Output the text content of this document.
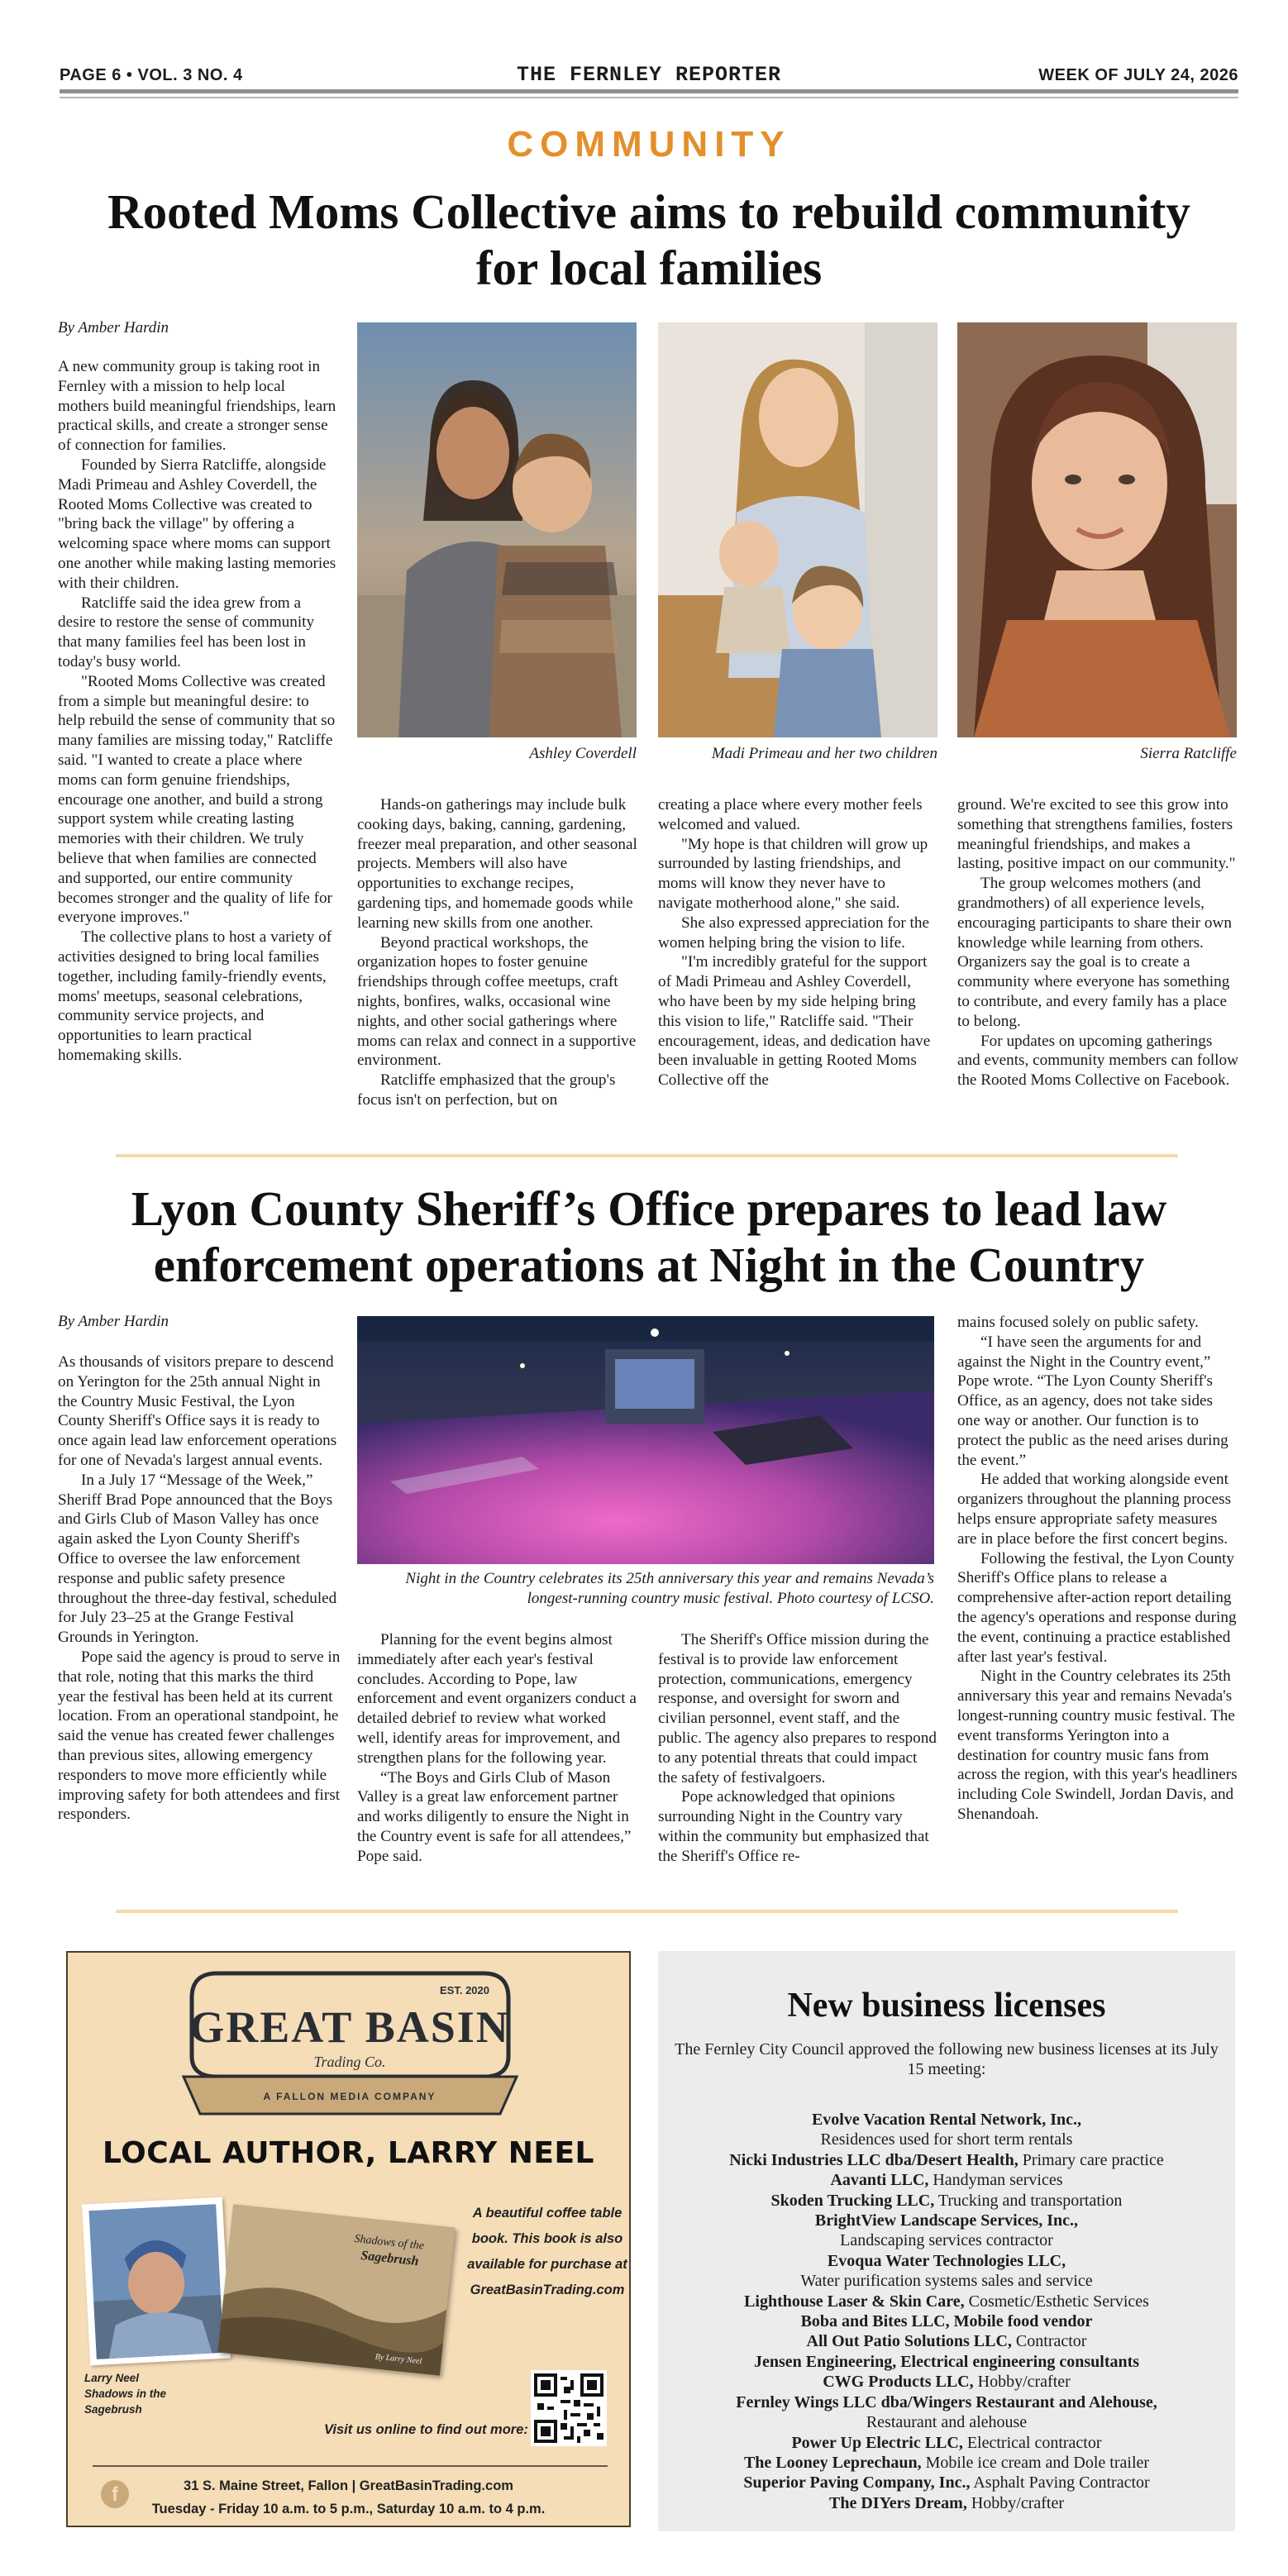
PAGE 6 • VOL. 3 NO. 4	THE FERNLEY REPORTER	WEEK OF JULY 24, 2026
COMMUNITY
Rooted Moms Collective aims to rebuild community for local families
By Amber Hardin

A new community group is taking root in Fernley with a mission to help local mothers build meaningful friendships, learn practical skills, and create a stronger sense of connection for families.

Founded by Sierra Ratcliffe, alongside Madi Primeau and Ashley Coverdell, the Rooted Moms Collective was created to "bring back the village" by offering a welcoming space where moms can support one another while making lasting memories with their children.

Ratcliffe said the idea grew from a desire to restore the sense of community that many families feel has been lost in today's busy world.

"Rooted Moms Collective was created from a simple but meaningful desire: to help rebuild the sense of community that so many families are missing today," Ratcliffe said. "I wanted to create a place where moms can form genuine friendships, encourage one another, and build a strong support system while creating lasting memories with their children. We truly believe that when families are connected and supported, our entire community becomes stronger and the quality of life for everyone improves."

The collective plans to host a variety of activities designed to bring local families together, including family-friendly events, moms' meetups, seasonal celebrations, community service projects, and opportunities to learn practical homemaking skills.

Ashley Coverdell	Madi Primeau and her two children	Sierra Ratcliffe

Hands-on gatherings may include bulk cooking days, baking, canning, gardening, freezer meal preparation, and other seasonal projects. Members will also have opportunities to exchange recipes, gardening tips, and homemade goods while learning new skills from one another.

Beyond practical workshops, the organization hopes to foster genuine friendships through coffee meetups, craft nights, bonfires, walks, occasional wine nights, and other social gatherings where moms can relax and connect in a supportive environment.

Ratcliffe emphasized that the group's focus isn't on perfection, but on

creating a place where every mother feels welcomed and valued.

"My hope is that children will grow up surrounded by lasting friendships, and moms will know they never have to navigate motherhood alone," she said.

She also expressed appreciation for the women helping bring the vision to life.

"I'm incredibly grateful for the support of Madi Primeau and Ashley Coverdell, who have been by my side helping bring this vision to life," Ratcliffe said. "Their encouragement, ideas, and dedication have been invaluable in getting Rooted Moms Collective off the

ground. We're excited to see this grow into something that strengthens families, fosters meaningful friendships, and makes a lasting, positive impact on our community."

The group welcomes mothers (and grandmothers) of all experience levels, encouraging participants to share their own knowledge while learning from others. Organizers say the goal is to create a community where everyone has something to contribute, and every family has a place to belong.

For updates on upcoming gatherings and events, community members can follow the Rooted Moms Collective on Facebook.

Lyon County Sheriff’s Office prepares to lead law enforcement operations at Night in the Country
By Amber Hardin

As thousands of visitors prepare to descend on Yerington for the 25th annual Night in the Country Music Festival, the Lyon County Sheriff's Office says it is ready to once again lead law enforcement operations for one of Nevada's largest annual events.

In a July 17 “Message of the Week,” Sheriff Brad Pope announced that the Boys and Girls Club of Mason Valley has once again asked the Lyon County Sheriff's Office to oversee the law enforcement response and public safety presence throughout the three-day festival, scheduled for July 23–25 at the Grange Festival Grounds in Yerington.

Pope said the agency is proud to serve in that role, noting that this marks the third year the festival has been held at its current location. From an operational standpoint, he said the venue has created fewer challenges than previous sites, allowing emergency responders to move more efficiently while improving safety for both attendees and first responders.

Night in the Country celebrates its 25th anniversary this year and remains Nevada’s longest-running country music festival. Photo courtesy of LCSO.

Planning for the event begins almost immediately after each year's festival concludes. According to Pope, law enforcement and event organizers conduct a detailed debrief to review what worked well, identify areas for improvement, and strengthen plans for the following year.

“The Boys and Girls Club of Mason Valley is a great law enforcement partner and works diligently to ensure the Night in the Country event is safe for all attendees,” Pope said.

The Sheriff's Office mission during the festival is to provide law enforcement protection, communications, emergency response, and oversight for sworn and civilian personnel, event staff, and the public. The agency also prepares to respond to any potential threats that could impact the safety of festivalgoers.

Pope acknowledged that opinions surrounding Night in the Country vary within the community but emphasized that the Sheriff's Office re-

mains focused solely on public safety.

“I have seen the arguments for and against the Night in the Country event,” Pope wrote. “The Lyon County Sheriff's Office, as an agency, does not take sides one way or another. Our function is to protect the public as the need arises during the event.”

He added that working alongside event organizers throughout the planning process helps ensure appropriate safety measures are in place before the first concert begins.

Following the festival, the Lyon County Sheriff's Office plans to release a comprehensive after-action report detailing the agency's operations and response during the event, continuing a practice established after last year's festival.

Night in the Country celebrates its 25th anniversary this year and remains Nevada's longest-running country music festival. The event transforms Yerington into a destination for country music fans from across the region, with this year's headliners including Cole Swindell, Jordan Davis, and Shenandoah.

EST. 2020
GREAT BASIN
Trading Co.
A FALLON MEDIA COMPANY
LOCAL AUTHOR, LARRY NEEL
Shadows of the
Sagebrush
By Larry Neel
A beautiful coffee table book. This book is also available for purchase at GreatBasinTrading.com
Larry Neel
Shadows in the
Sagebrush
Visit us online to find out more:
f	31 S. Maine Street, Fallon | GreatBasinTrading.com
Tuesday - Friday 10 a.m. to 5 p.m., Saturday 10 a.m. to 4 p.m.
New business licenses
The Fernley City Council approved the following new business licenses at its July 15 meeting:
Evolve Vacation Rental Network, Inc.,
Residences used for short term rentals
Nicki Industries LLC dba/Desert Health, Primary care practice
Aavanti LLC, Handyman services
Skoden Trucking LLC, Trucking and transportation
BrightView Landscape Services, Inc.,
Landscaping services contractor
Evoqua Water Technologies LLC,
Water purification systems sales and service
Lighthouse Laser & Skin Care, Cosmetic/Esthetic Services
Boba and Bites LLC, Mobile food vendor
All Out Patio Solutions LLC, Contractor
Jensen Engineering, Electrical engineering consultants
CWG Products LLC, Hobby/crafter
Fernley Wings LLC dba/Wingers Restaurant and Alehouse,
Restaurant and alehouse
Power Up Electric LLC, Electrical contractor
The Looney Leprechaun, Mobile ice cream and Dole trailer
Superior Paving Company, Inc., Asphalt Paving Contractor
The DIYers Dream, Hobby/crafter
